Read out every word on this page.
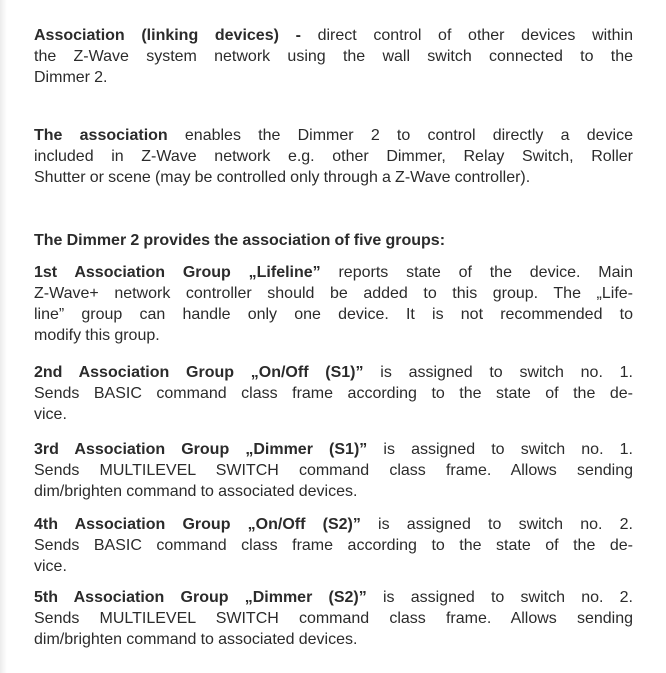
Association (linking devices) - direct control of other devices within
the Z-Wave system network using the wall switch connected to the
Dimmer 2.
The association enables the Dimmer 2 to control directly a device
included in Z-Wave network e.g. other Dimmer, Relay Switch, Roller
Shutter or scene (may be controlled only through a Z-Wave controller).
The Dimmer 2 provides the association of five groups:
1st Association Group „Lifeline” reports state of the device. Main
Z-Wave+ network controller should be added to this group. The „Life-
line” group can handle only one device. It is not recommended to
modify this group.
2nd Association Group „On/Off (S1)” is assigned to switch no. 1.
Sends BASIC command class frame according to the state of the de-
vice.
3rd Association Group „Dimmer (S1)” is assigned to switch no. 1.
Sends MULTILEVEL SWITCH command class frame. Allows sending
dim/brighten command to associated devices.
4th Association Group „On/Off (S2)” is assigned to switch no. 2.
Sends BASIC command class frame according to the state of the de-
vice.
5th Association Group „Dimmer (S2)” is assigned to switch no. 2.
Sends MULTILEVEL SWITCH command class frame. Allows sending
dim/brighten command to associated devices.
